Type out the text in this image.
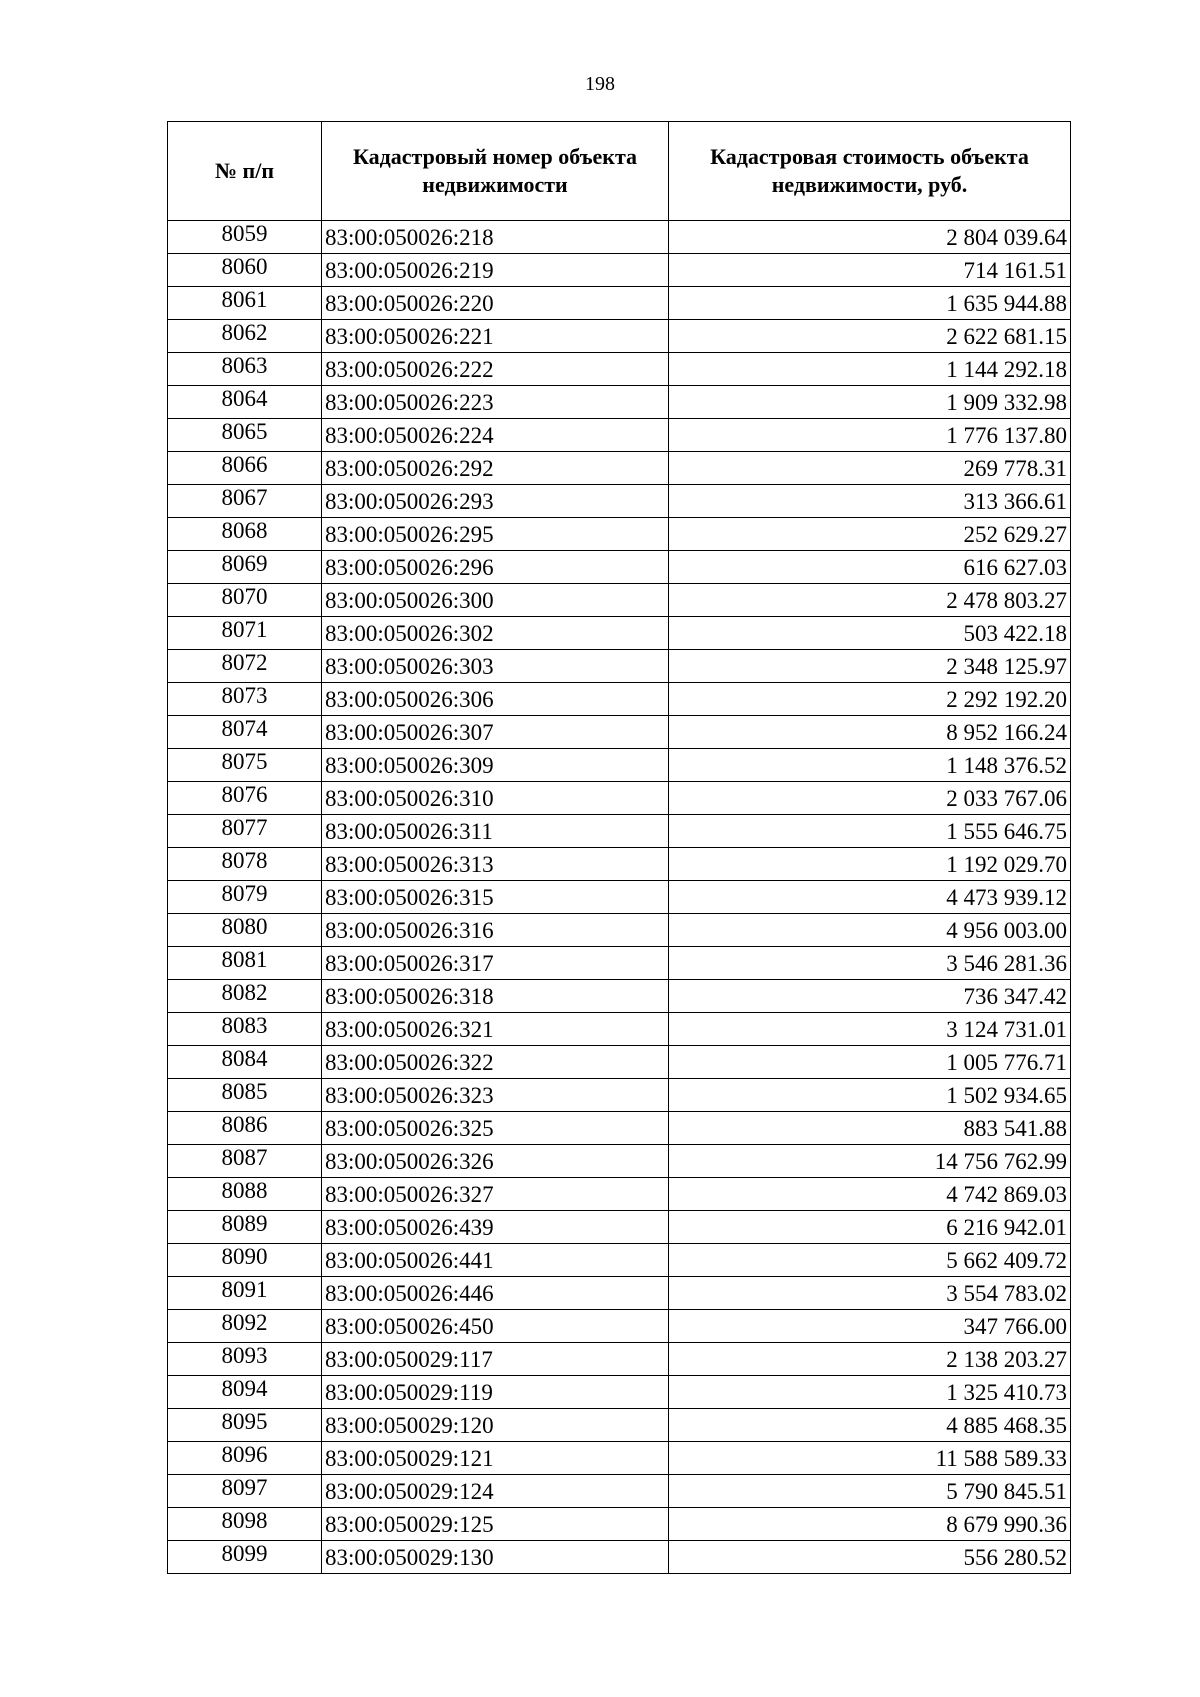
198
№ п/п	Кадастровый номер объекта недвижимости	Кадастровая стоимость объекта недвижимости, руб.
8059	83:00:050026:218	2 804 039.64
8060	83:00:050026:219	714 161.51
8061	83:00:050026:220	1 635 944.88
8062	83:00:050026:221	2 622 681.15
8063	83:00:050026:222	1 144 292.18
8064	83:00:050026:223	1 909 332.98
8065	83:00:050026:224	1 776 137.80
8066	83:00:050026:292	269 778.31
8067	83:00:050026:293	313 366.61
8068	83:00:050026:295	252 629.27
8069	83:00:050026:296	616 627.03
8070	83:00:050026:300	2 478 803.27
8071	83:00:050026:302	503 422.18
8072	83:00:050026:303	2 348 125.97
8073	83:00:050026:306	2 292 192.20
8074	83:00:050026:307	8 952 166.24
8075	83:00:050026:309	1 148 376.52
8076	83:00:050026:310	2 033 767.06
8077	83:00:050026:311	1 555 646.75
8078	83:00:050026:313	1 192 029.70
8079	83:00:050026:315	4 473 939.12
8080	83:00:050026:316	4 956 003.00
8081	83:00:050026:317	3 546 281.36
8082	83:00:050026:318	736 347.42
8083	83:00:050026:321	3 124 731.01
8084	83:00:050026:322	1 005 776.71
8085	83:00:050026:323	1 502 934.65
8086	83:00:050026:325	883 541.88
8087	83:00:050026:326	14 756 762.99
8088	83:00:050026:327	4 742 869.03
8089	83:00:050026:439	6 216 942.01
8090	83:00:050026:441	5 662 409.72
8091	83:00:050026:446	3 554 783.02
8092	83:00:050026:450	347 766.00
8093	83:00:050029:117	2 138 203.27
8094	83:00:050029:119	1 325 410.73
8095	83:00:050029:120	4 885 468.35
8096	83:00:050029:121	11 588 589.33
8097	83:00:050029:124	5 790 845.51
8098	83:00:050029:125	8 679 990.36
8099	83:00:050029:130	556 280.52
